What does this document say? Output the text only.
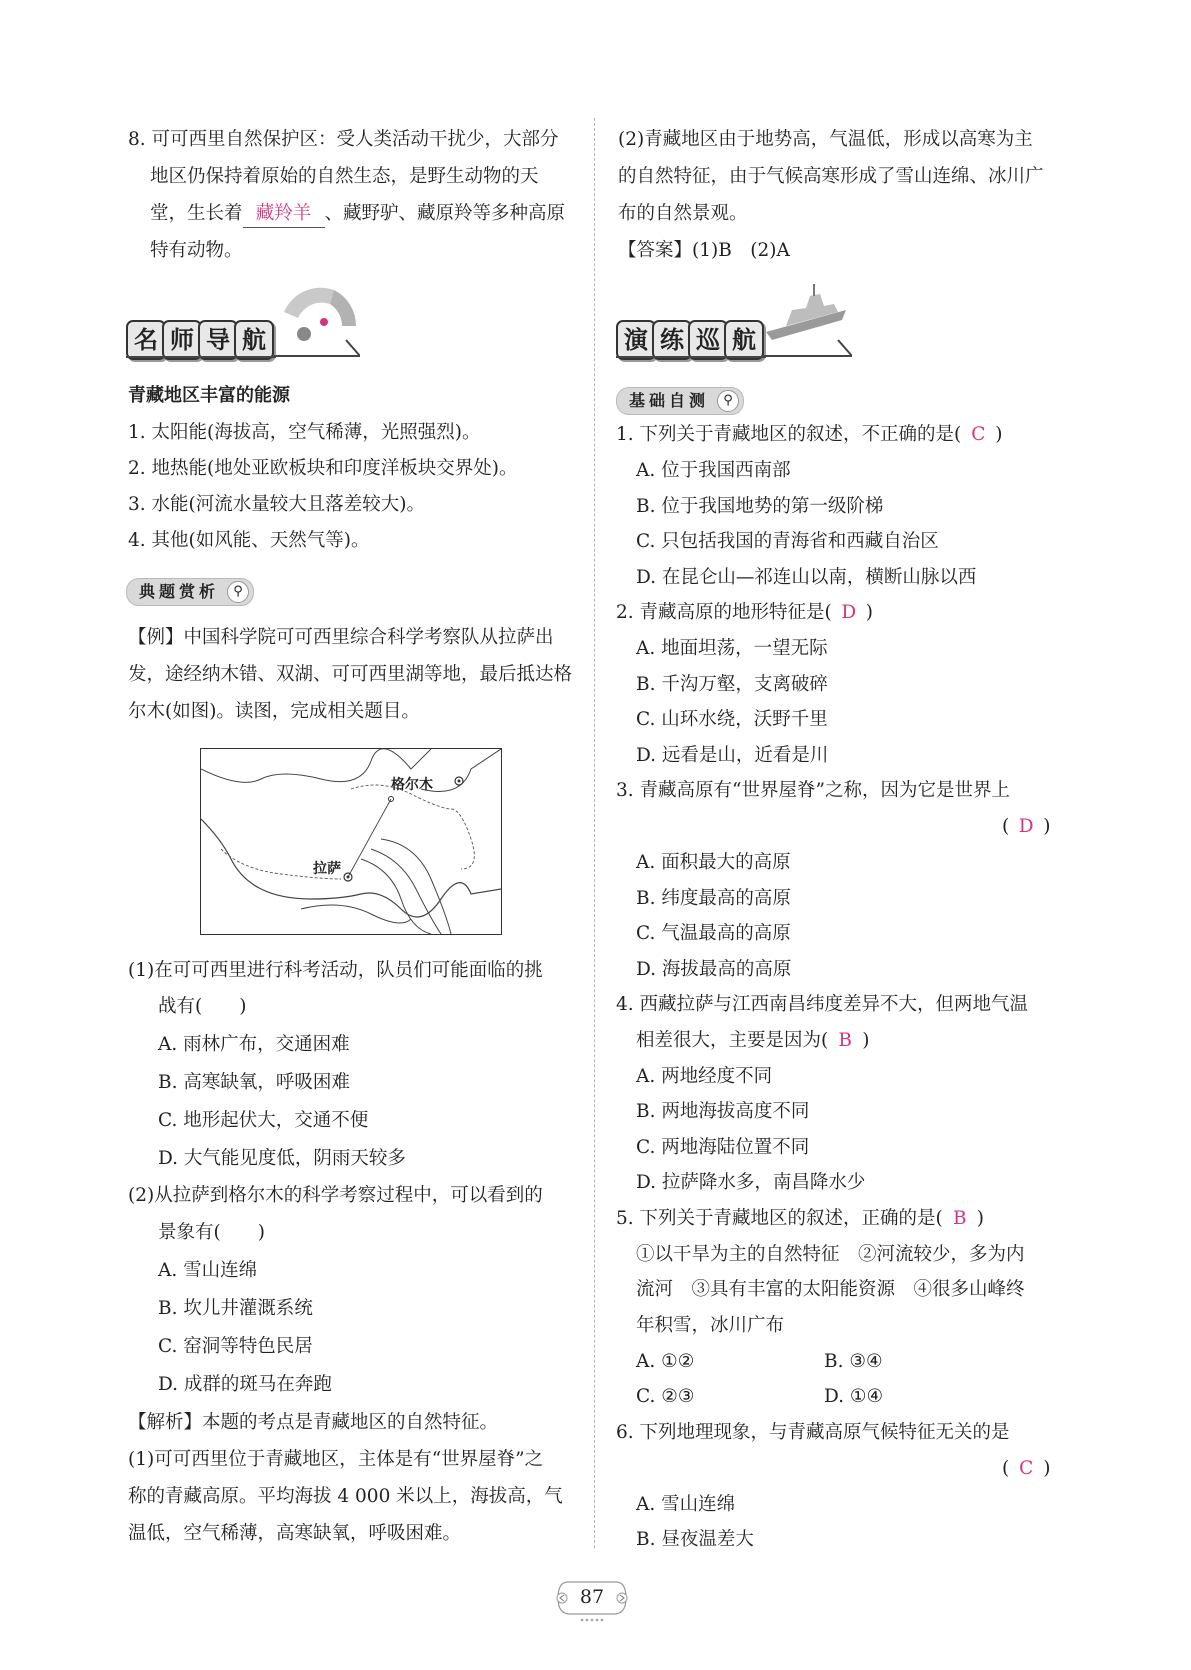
8. 可可西里自然保护区：受人类活动干扰少，大部分
地区仍保持着原始的自然生态，是野生动物的天
堂，生长着 藏羚羊 、藏野驴、藏原羚等多种高原
特有动物。
名 师 导 航
青藏地区丰富的能源
1. 太阳能(海拔高，空气稀薄，光照强烈)。
2. 地热能(地处亚欧板块和印度洋板块交界处)。
3. 水能(河流水量较大且落差较大)。
4. 其他(如风能、天然气等)。
典题赏析	⚲
【例】中国科学院可可西里综合科学考察队从拉萨出
发，途经纳木错、双湖、可可西里湖等地，最后抵达格
尔木(如图)。读图，完成相关题目。
格尔木
拉萨
(1)在可可西里进行科考活动，队员们可能面临的挑
战有(　　)
A. 雨林广布，交通困难
B. 高寒缺氧，呼吸困难
C. 地形起伏大，交通不便
D. 大气能见度低，阴雨天较多
(2)从拉萨到格尔木的科学考察过程中，可以看到的
景象有(　　)
A. 雪山连绵
B. 坎儿井灌溉系统
C. 窑洞等特色民居
D. 成群的斑马在奔跑
【解析】本题的考点是青藏地区的自然特征。
(1)可可西里位于青藏地区，主体是有“世界屋脊”之
称的青藏高原。平均海拔 4 000 米以上，海拔高，气
温低，空气稀薄，高寒缺氧，呼吸困难。
(2)青藏地区由于地势高，气温低，形成以高寒为主
的自然特征，由于气候高寒形成了雪山连绵、冰川广
布的自然景观。
【答案】(1)B　(2)A
演 练 巡 航
基础自测	⚲
1. 下列关于青藏地区的叙述，不正确的是( C )
A. 位于我国西南部
B. 位于我国地势的第一级阶梯
C. 只包括我国的青海省和西藏自治区
D. 在昆仑山—祁连山以南，横断山脉以西
2. 青藏高原的地形特征是( D )
A. 地面坦荡，一望无际
B. 千沟万壑，支离破碎
C. 山环水绕，沃野千里
D. 远看是山，近看是川
3. 青藏高原有“世界屋脊”之称，因为它是世界上
( D )
A. 面积最大的高原
B. 纬度最高的高原
C. 气温最高的高原
D. 海拔最高的高原
4. 西藏拉萨与江西南昌纬度差异不大，但两地气温
相差很大，主要是因为( B )
A. 两地经度不同
B. 两地海拔高度不同
C. 两地海陆位置不同
D. 拉萨降水多，南昌降水少
5. 下列关于青藏地区的叙述，正确的是( B )
①以干旱为主的自然特征　②河流较少，多为内
流河　③具有丰富的太阳能资源　④很多山峰终
年积雪，冰川广布
A. ①②	B. ③④
C. ②③	D. ①④
6. 下列地理现象，与青藏高原气候特征无关的是
( C )
A. 雪山连绵
B. 昼夜温差大
87
